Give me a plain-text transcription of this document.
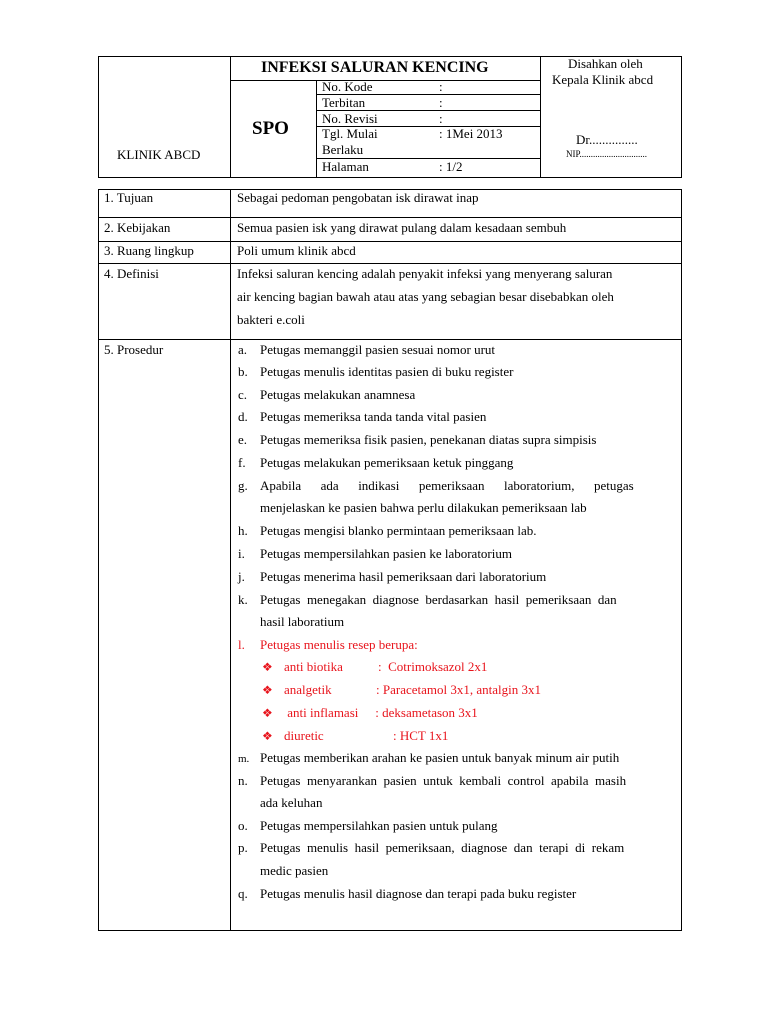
KLINIK ABCD
INFEKSI SALURAN KENCING
SPO
No. Kode	:
Terbitan	:
No. Revisi	:
Tgl. Mulai	: 1Mei 2013
Berlaku
Halaman	: 1/2
Disahkan oleh
Kepala Klinik abcd
Dr...............
NIP..............................
1. Tujuan	Sebagai pedoman pengobatan isk dirawat inap
2. Kebijakan	Semua pasien isk yang dirawat pulang dalam kesadaan sembuh
3. Ruang lingkup	Poli umum klinik abcd
4. Definisi	Infeksi saluran kencing adalah penyakit infeksi yang menyerang saluran
air kencing bagian bawah atau atas yang sebagian besar disebabkan oleh
bakteri e.coli
5. Prosedur	a. Petugas memanggil pasien sesuai nomor urut
b. Petugas menulis identitas pasien di buku register
c. Petugas melakukan anamnesa
d. Petugas memeriksa tanda tanda vital pasien
e. Petugas memeriksa fisik pasien, penekanan diatas supra simpisis
f. Petugas melakukan pemeriksaan ketuk pinggang
g. Apabila      ada      indikasi      pemeriksaan      laboratorium,      petugas
menjelaskan ke pasien bahwa perlu dilakukan pemeriksaan lab
h. Petugas mengisi blanko permintaan pemeriksaan lab.
i. Petugas mempersilahkan pasien ke laboratorium
j. Petugas menerima hasil pemeriksaan dari laboratorium
k. Petugas  menegakan  diagnose  berdasarkan  hasil  pemeriksaan  dan
hasil laboratium
l. Petugas menulis resep berupa:
❖ anti biotika	:  Cotrimoksazol 2x1
❖ analgetik	: Paracetamol 3x1, antalgin 3x1
❖ anti inflamasi : deksametason 3x1
❖ diuretic	: HCT 1x1
m. Petugas memberikan arahan ke pasien untuk banyak minum air putih
n. Petugas  menyarankan  pasien  untuk  kembali  control  apabila  masih
ada keluhan
o. Petugas mempersilahkan pasien untuk pulang
p. Petugas  menulis  hasil  pemeriksaan,  diagnose  dan  terapi  di  rekam
medic pasien
q. Petugas menulis hasil diagnose dan terapi pada buku register
